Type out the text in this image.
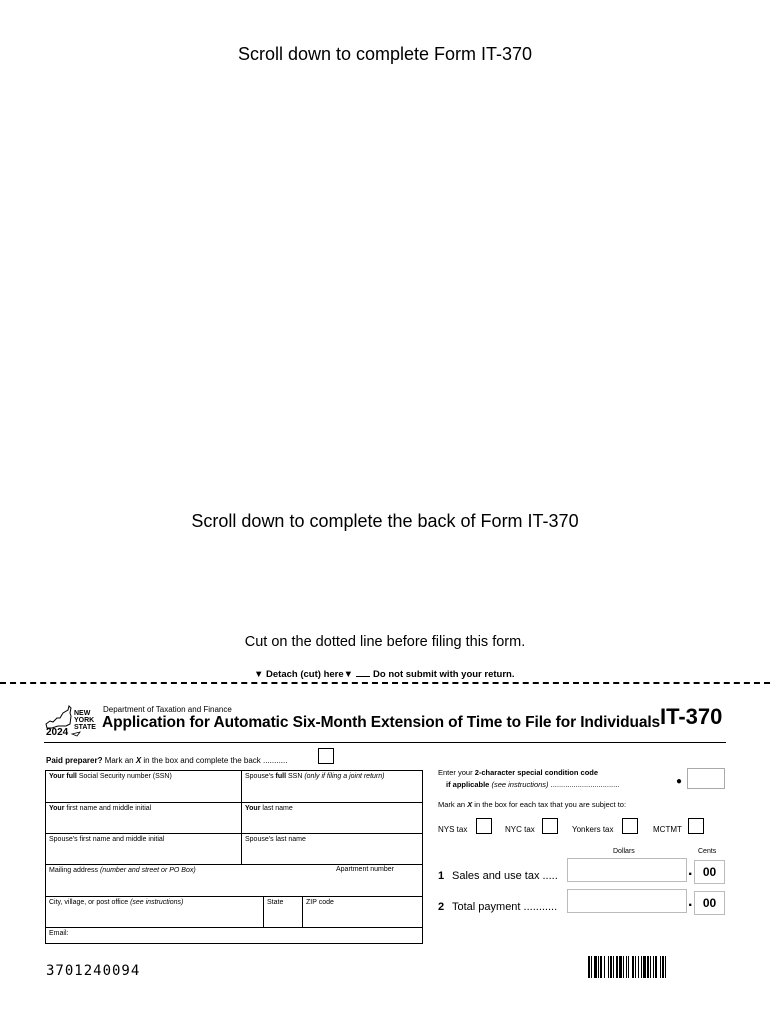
Scroll down to complete Form IT-370
Scroll down to complete the back of Form IT-370
Cut on the dotted line before filing this form.
▼ Detach (cut) here▼ Do not submit with your return.
NEW
YORK
STATE
2024
Department of Taxation and Finance
Application for Automatic Six-Month Extension of Time to File for Individuals IT-370
Paid preparer? Mark an X in the box and complete the back ...........
Your full Social Security number (SSN)	Spouse's full SSN (only if filing a joint return)
Your first name and middle initial	Your last name
Spouse's first name and middle initial	Spouse's last name
Mailing address (number and street or PO Box)	Apartment number
City, village, or post office (see instructions)	State	ZIP code
Email:
Enter your 2-character special condition code
if applicable (see instructions) .................................	●
Mark an X in the box for each tax that you are subject to:
NYS tax	NYC tax	Yonkers tax	MCTMT
Dollars	Cents
1 Sales and use tax .....	. 00
2 Total payment ...........	. 00
3701240094
